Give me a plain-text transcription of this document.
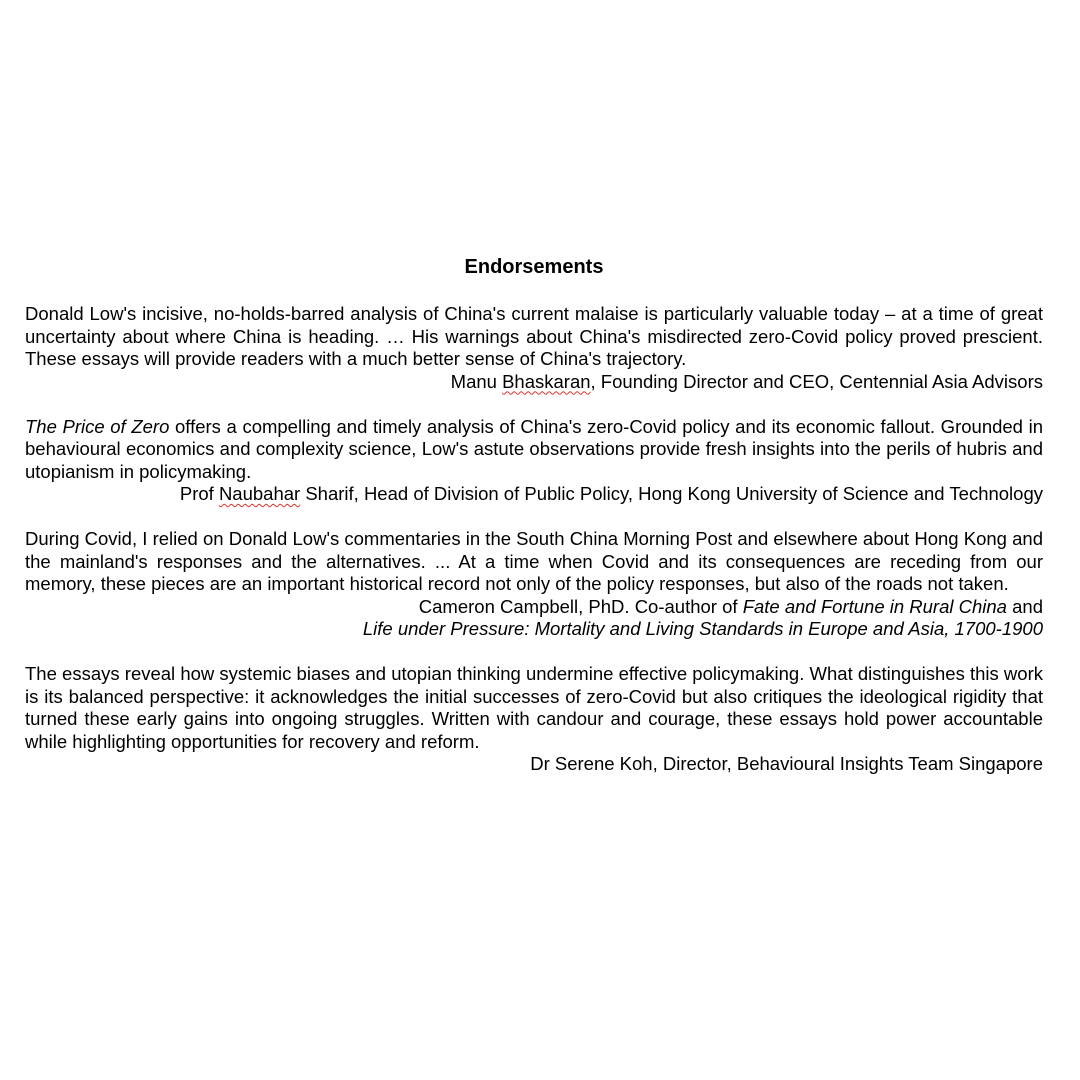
Endorsements

Donald Low's incisive, no-holds-barred analysis of China's current malaise is particularly valuable today – at a time of great uncertainty about where China is heading. … His warnings about China's misdirected zero-Covid policy proved prescient. These essays will provide readers with a much better sense of China's trajectory.

Manu Bhaskaran, Founding Director and CEO, Centennial Asia Advisors

The Price of Zero offers a compelling and timely analysis of China's zero-Covid policy and its economic fallout. Grounded in behavioural economics and complexity science, Low's astute observations provide fresh insights into the perils of hubris and utopianism in policymaking.

Prof Naubahar Sharif, Head of Division of Public Policy, Hong Kong University of Science and Technology

During Covid, I relied on Donald Low's commentaries in the South China Morning Post and elsewhere about Hong Kong and the mainland's responses and the alternatives. ... At a time when Covid and its consequences are receding from our memory, these pieces are an important historical record not only of the policy responses, but also of the roads not taken.

Cameron Campbell, PhD. Co-author of Fate and Fortune in Rural China and

Life under Pressure: Mortality and Living Standards in Europe and Asia, 1700-1900

The essays reveal how systemic biases and utopian thinking undermine effective policymaking. What distinguishes this work is its balanced perspective: it acknowledges the initial successes of zero-Covid but also critiques the ideological rigidity that turned these early gains into ongoing struggles. Written with candour and courage, these essays hold power accountable while highlighting opportunities for recovery and reform.

Dr Serene Koh, Director, Behavioural Insights Team Singapore
